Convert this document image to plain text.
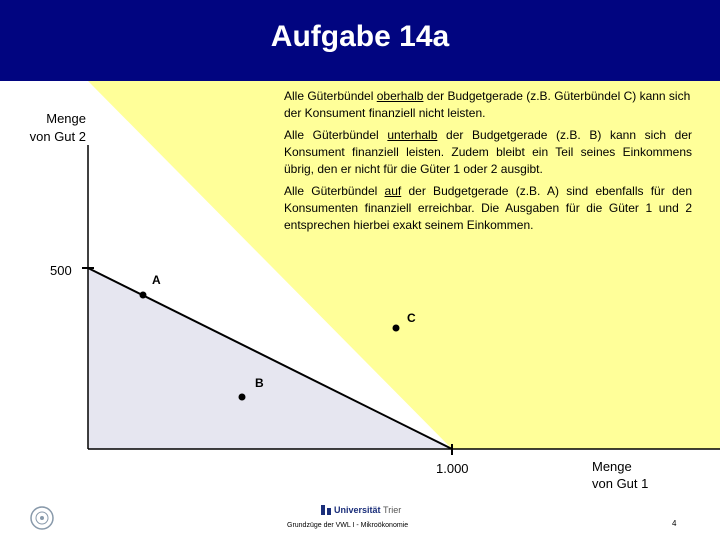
Aufgabe 14a
Menge
von Gut 2
Menge
von Gut 1
500
1.000
A
C
B

Alle Güterbündel oberhalb der Budgetgerade (z.B. Güterbündel C) kann sich der Konsument finanziell nicht leisten.

Alle Güterbündel unterhalb der Budgetgerade (z.B. B) kann sich der Konsument finanziell leisten. Zudem bleibt ein Teil seines Einkommens übrig, den er nicht für die Güter 1 oder 2 ausgibt.

Alle Güterbündel auf der Budgetgerade (z.B. A) sind ebenfalls für den Konsumenten finanziell erreichbar. Die Ausgaben für die Güter 1 und 2 entsprechen hierbei exakt seinem Einkommen.

Universität Trier
Grundzüge der VWL I - Mikroökonomie	4
